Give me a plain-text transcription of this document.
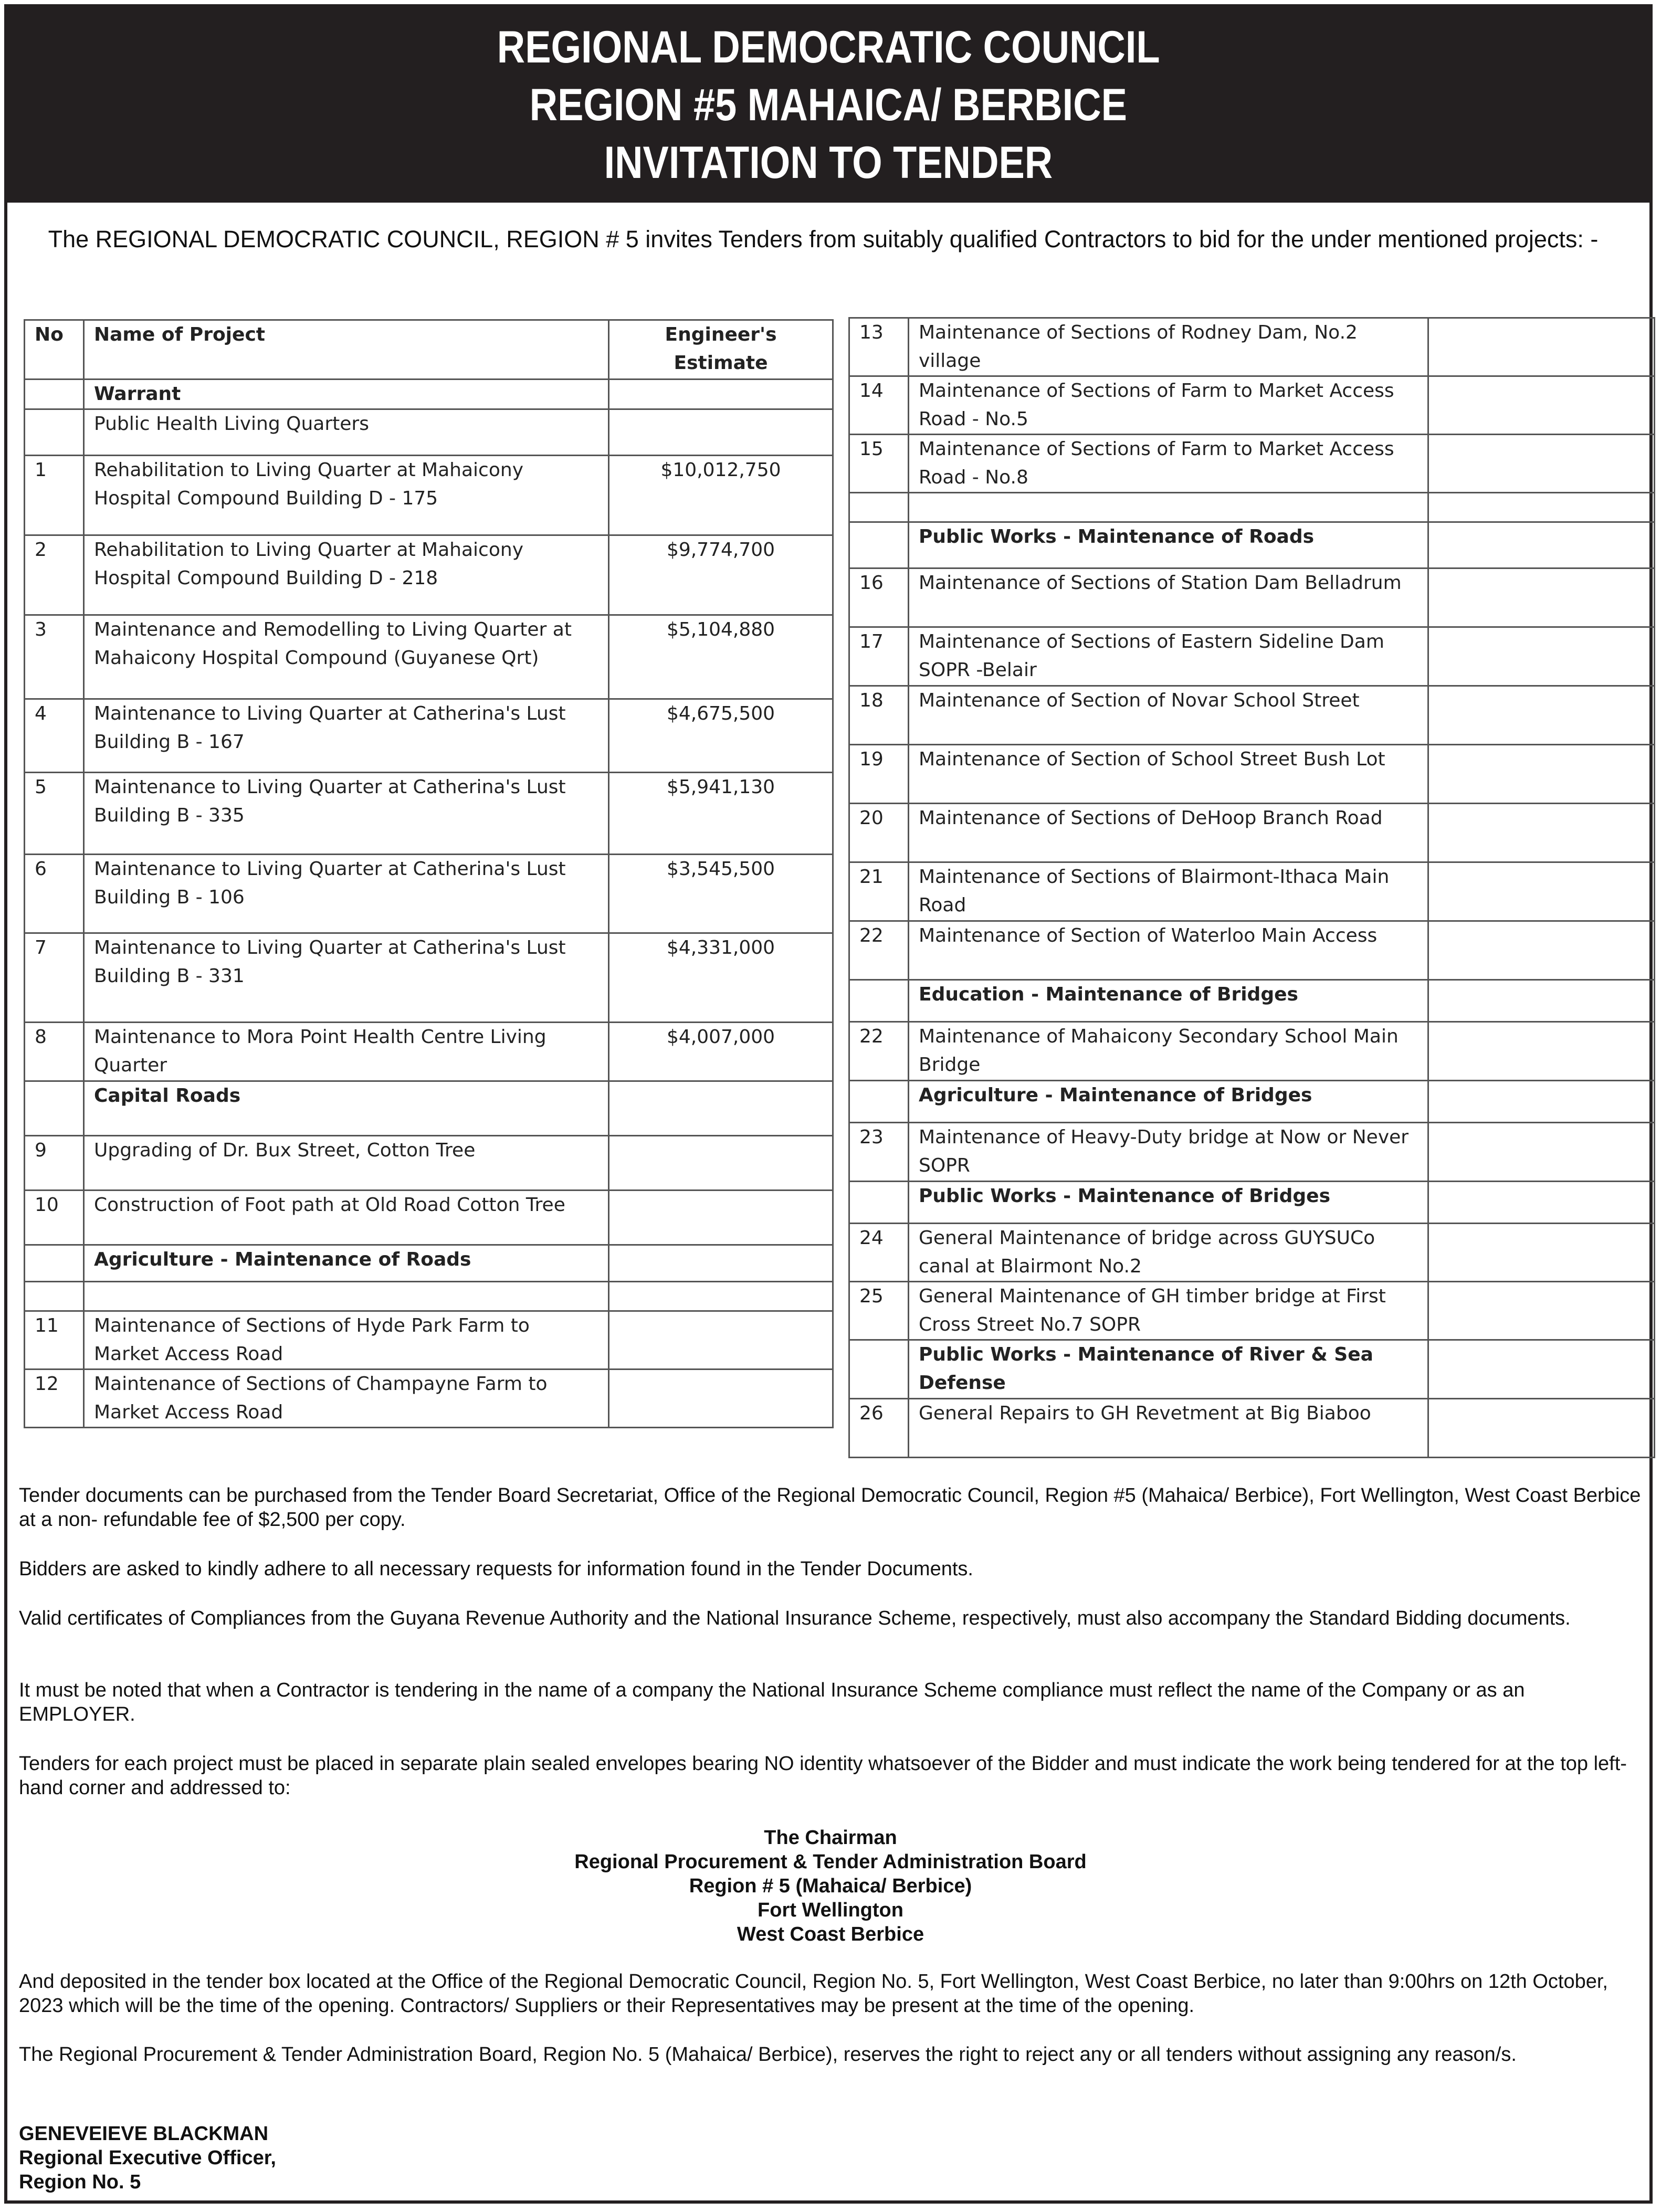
REGIONAL DEMOCRATIC COUNCIL
REGION #5 MAHAICA/ BERBICE
INVITATION TO TENDER
The REGIONAL DEMOCRATIC COUNCIL, REGION # 5 invites Tenders from suitably qualified Contractors to bid for the under mentioned projects: -
No	Name of Project	Engineer's Estimate
	Warrant	
	Public Health Living Quarters	
1	Rehabilitation to Living Quarter at Mahaicony Hospital Compound Building D - 175	$10,012,750
2	Rehabilitation to Living Quarter at Mahaicony Hospital Compound Building D - 218	$9,774,700
3	Maintenance and Remodelling to Living Quarter at Mahaicony Hospital Compound (Guyanese Qrt)	$5,104,880
4	Maintenance to Living Quarter at Catherina's Lust Building B - 167	$4,675,500
5	Maintenance to Living Quarter at Catherina's Lust Building B - 335	$5,941,130
6	Maintenance to Living Quarter at Catherina's Lust Building B - 106	$3,545,500
7	Maintenance to Living Quarter at Catherina's Lust Building B - 331	$4,331,000
8	Maintenance to Mora Point Health Centre Living Quarter	$4,007,000
	Capital Roads	
9	Upgrading of Dr. Bux Street, Cotton Tree	
10	Construction of Foot path at Old Road Cotton Tree	
	Agriculture - Maintenance of Roads	

11	Maintenance of Sections of Hyde Park Farm to Market Access Road	
12	Maintenance of Sections of Champayne Farm to Market Access Road	
13	Maintenance of Sections of Rodney Dam, No.2 village	
14	Maintenance of Sections of Farm to Market Access Road - No.5	
15	Maintenance of Sections of Farm to Market Access Road - No.8	

	Public Works - Maintenance of Roads	
16	Maintenance of Sections of Station Dam Belladrum	
17	Maintenance of Sections of Eastern Sideline Dam SOPR -Belair	
18	Maintenance of Section of Novar School Street	
19	Maintenance of Section of School Street Bush Lot	
20	Maintenance of Sections of DeHoop Branch Road	
21	Maintenance of Sections of Blairmont-Ithaca Main Road	
22	Maintenance of Section of Waterloo Main Access	
	Education - Maintenance of Bridges	
22	Maintenance of Mahaicony Secondary School Main Bridge	
	Agriculture - Maintenance of Bridges	
23	Maintenance of Heavy-Duty bridge at Now or Never SOPR	
	Public Works - Maintenance of Bridges	
24	General Maintenance of bridge across GUYSUCo canal at Blairmont No.2	
25	General Maintenance of GH timber bridge at First Cross Street No.7 SOPR	
	Public Works - Maintenance of River & Sea Defense	
26	General Repairs to GH Revetment at Big Biaboo	
Tender documents can be purchased from the Tender Board Secretariat, Office of the Regional Democratic Council, Region #5 (Mahaica/ Berbice), Fort Wellington, West Coast Berbice at a non- refundable fee of $2,500 per copy.
Bidders are asked to kindly adhere to all necessary requests for information found in the Tender Documents.
Valid certificates of Compliances from the Guyana Revenue Authority and the National Insurance Scheme, respectively, must also accompany the Standard Bidding documents.
It must be noted that when a Contractor is tendering in the name of a company the National Insurance Scheme compliance must reflect the name of the Company or as an EMPLOYER.
Tenders for each project must be placed in separate plain sealed envelopes bearing NO identity whatsoever of the Bidder and must indicate the work being tendered for at the top left-hand corner and addressed to:
The Chairman
Regional Procurement & Tender Administration Board
Region # 5 (Mahaica/ Berbice)
Fort Wellington
West Coast Berbice
And deposited in the tender box located at the Office of the Regional Democratic Council, Region No. 5, Fort Wellington, West Coast Berbice, no later than 9:00hrs on 12th October, 2023 which will be the time of the opening. Contractors/ Suppliers or their Representatives may be present at the time of the opening.
The Regional Procurement & Tender Administration Board, Region No. 5 (Mahaica/ Berbice), reserves the right to reject any or all tenders without assigning any reason/s.
GENEVEIEVE BLACKMAN
Regional Executive Officer,
Region No. 5
